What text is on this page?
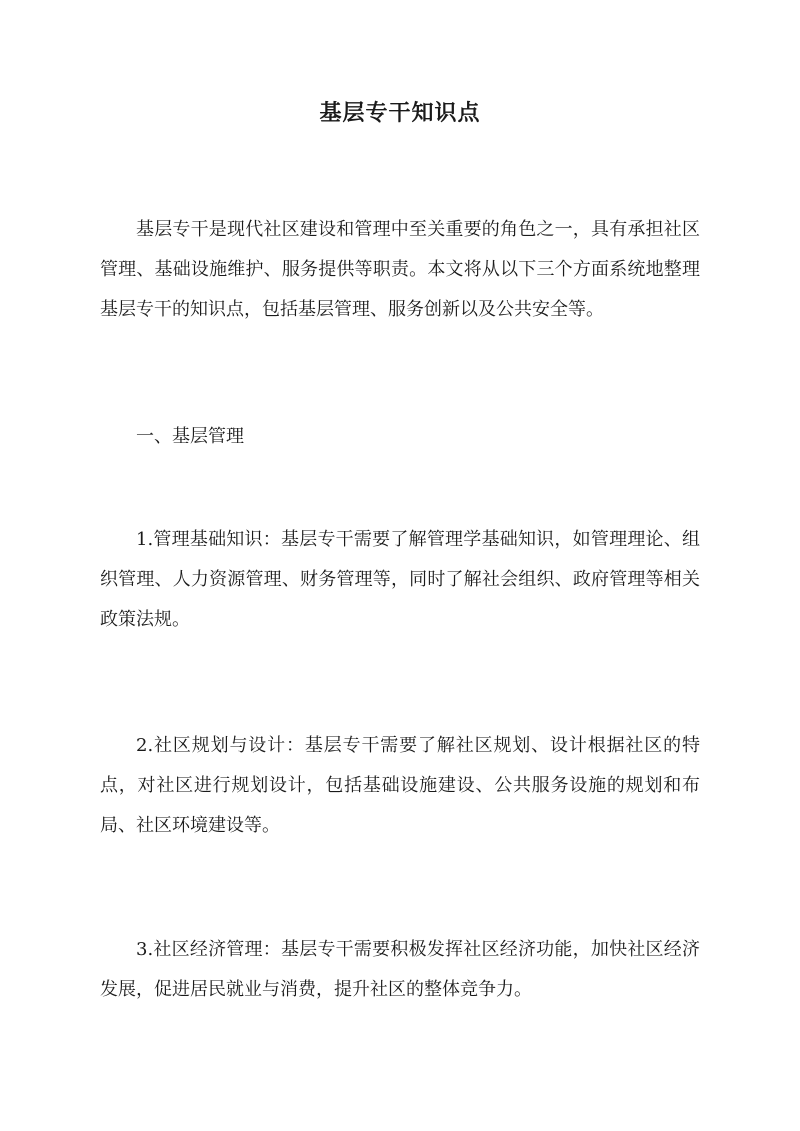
基层专干知识点

基层专干是现代社区建设和管理中至关重要的角色之一，具有承担社区管理、基础设施维护、服务提供等职责。本文将从以下三个方面系统地整理基层专干的知识点，包括基层管理、服务创新以及公共安全等。

一、基层管理

1.管理基础知识：基层专干需要了解管理学基础知识，如管理理论、组织管理、人力资源管理、财务管理等，同时了解社会组织、政府管理等相关政策法规。

2.社区规划与设计：基层专干需要了解社区规划、设计根据社区的特点，对社区进行规划设计，包括基础设施建设、公共服务设施的规划和布局、社区环境建设等。

3.社区经济管理：基层专干需要积极发挥社区经济功能，加快社区经济发展，促进居民就业与消费，提升社区的整体竞争力。
